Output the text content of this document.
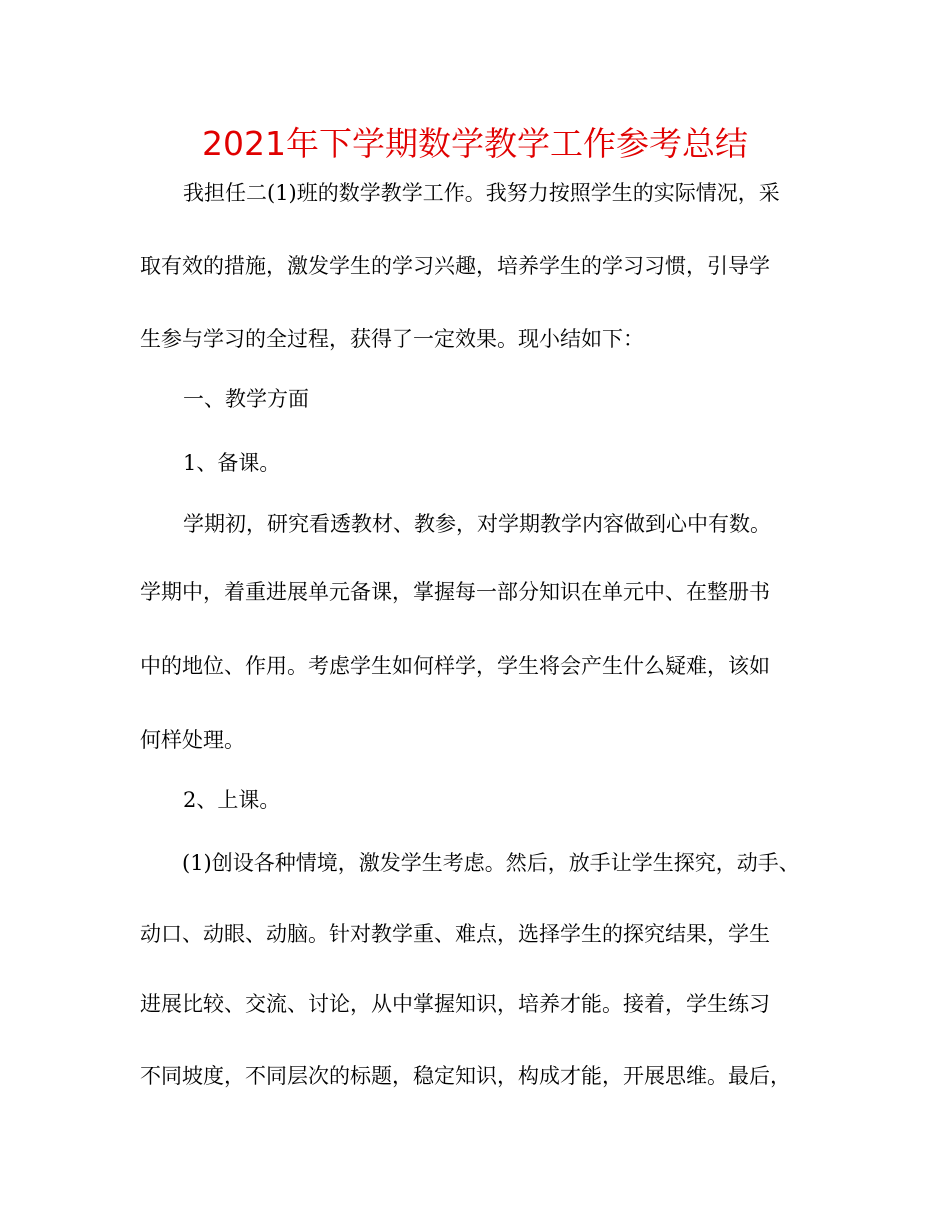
2021年下学期数学教学工作参考总结
我担任二(1)班的数学教学工作。我努力按照学生的实际情况，采
取有效的措施，激发学生的学习兴趣，培养学生的学习习惯，引导学
生参与学习的全过程，获得了一定效果。现小结如下：
一、教学方面
1、备课。
学期初，研究看透教材、教参，对学期教学内容做到心中有数。
学期中，着重进展单元备课，掌握每一部分知识在单元中、在整册书
中的地位、作用。考虑学生如何样学，学生将会产生什么疑难，该如
何样处理。
2、上课。
(1)创设各种情境，激发学生考虑。然后，放手让学生探究，动手、
动口、动眼、动脑。针对教学重、难点，选择学生的探究结果，学生
进展比较、交流、讨论，从中掌握知识，培养才能。接着，学生练习
不同坡度，不同层次的标题，稳定知识，构成才能，开展思维。最后，
